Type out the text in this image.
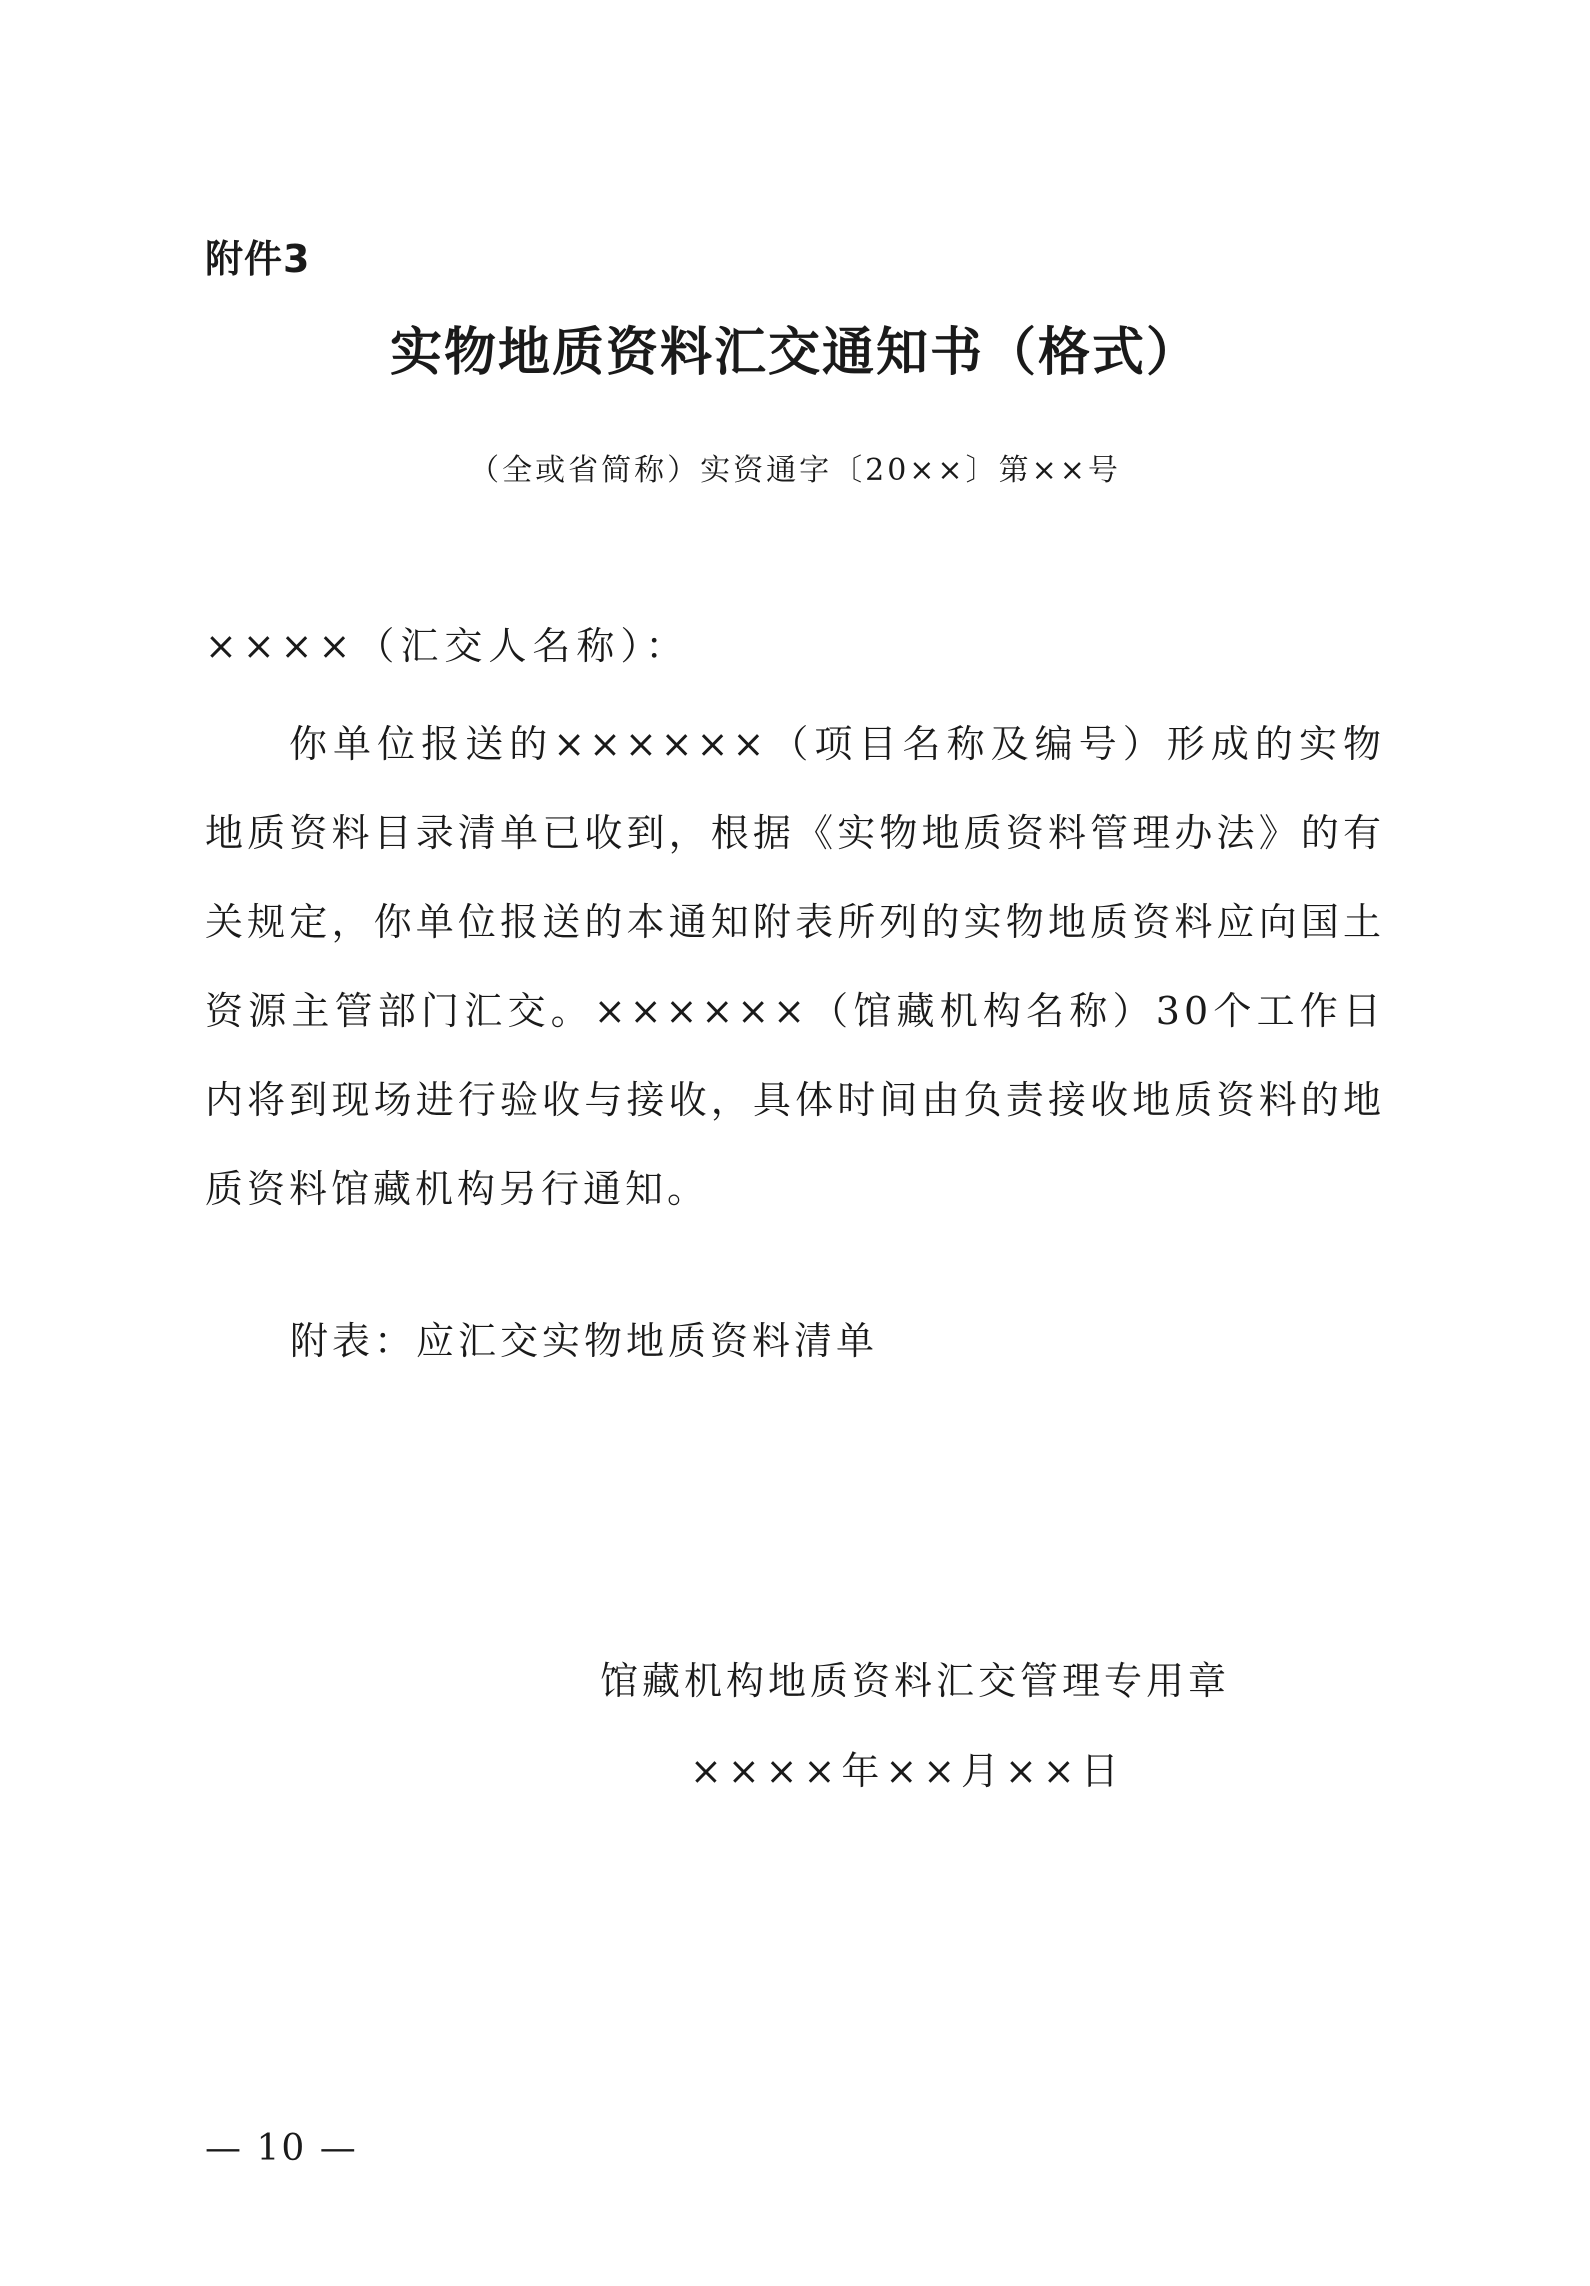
附件3
实物地质资料汇交通知书（格式）
（全或省简称）实资通字〔20××〕第××号
××××（汇交人名称）：

你单位报送的××××××（项目名称及编号）形成的实物地质资料目录清单已收到，根据《实物地质资料管理办法》的有关规定，你单位报送的本通知附表所列的实物地质资料应向国土资源主管部门汇交。××××××（馆藏机构名称）30个工作日内将到现场进行验收与接收，具体时间由负责接收地质资料的地质资料馆藏机构另行通知。

附表：应汇交实物地质资料清单
馆藏机构地质资料汇交管理专用章
××××年××月××日
— 10 —
